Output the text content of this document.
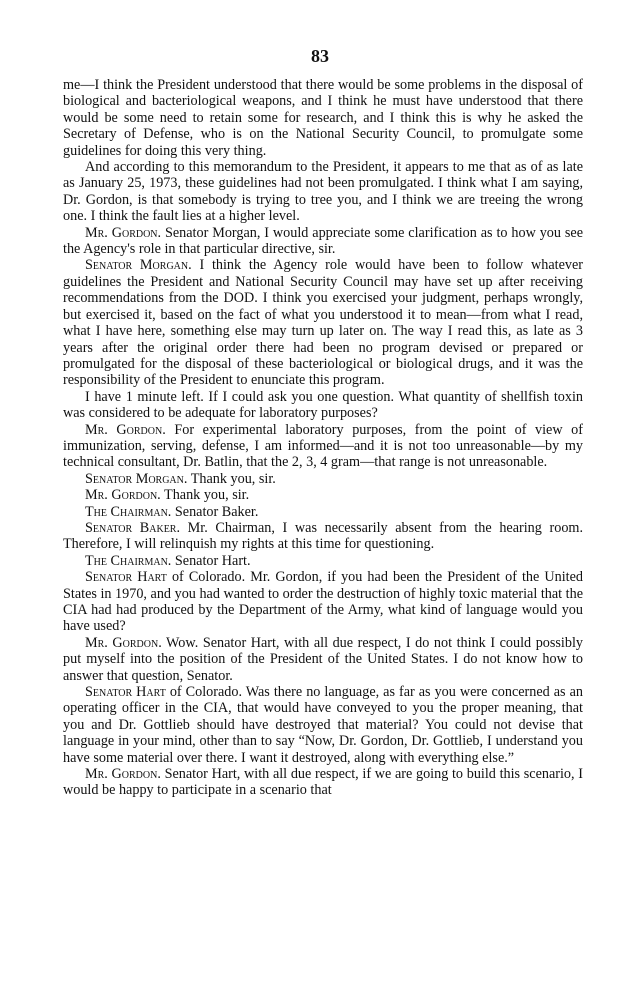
83

me—I think the President understood that there would be some problems in the disposal of biological and bacteriological weapons, and I think he must have understood that there would be some need to retain some for research, and I think this is why he asked the Secretary of Defense, who is on the National Security Council, to promulgate some guidelines for doing this very thing.

And according to this memorandum to the President, it appears to me that as of as late as January 25, 1973, these guidelines had not been promulgated. I think what I am saying, Dr. Gordon, is that somebody is trying to tree you, and I think we are treeing the wrong one. I think the fault lies at a higher level.

Mr. Gordon. Senator Morgan, I would appreciate some clarification as to how you see the Agency's role in that particular directive, sir.

Senator Morgan. I think the Agency role would have been to follow whatever guidelines the President and National Security Council may have set up after receiving recommendations from the DOD. I think you exercised your judgment, perhaps wrongly, but exercised it, based on the fact of what you understood it to mean—from what I read, what I have here, something else may turn up later on. The way I read this, as late as 3 years after the original order there had been no program devised or prepared or promulgated for the disposal of these bacteriological or biological drugs, and it was the responsibility of the President to enunciate this program.

I have 1 minute left. If I could ask you one question. What quantity of shellfish toxin was considered to be adequate for laboratory purposes?

Mr. Gordon. For experimental laboratory purposes, from the point of view of immunization, serving, defense, I am informed—and it is not too unreasonable—by my technical consultant, Dr. Batlin, that the 2, 3, 4 gram—that range is not unreasonable.

Senator Morgan. Thank you, sir.

Mr. Gordon. Thank you, sir.

The Chairman. Senator Baker.

Senator Baker. Mr. Chairman, I was necessarily absent from the hearing room. Therefore, I will relinquish my rights at this time for questioning.

The Chairman. Senator Hart.

Senator Hart of Colorado. Mr. Gordon, if you had been the President of the United States in 1970, and you had wanted to order the destruction of highly toxic material that the CIA had had produced by the Department of the Army, what kind of language would you have used?

Mr. Gordon. Wow. Senator Hart, with all due respect, I do not think I could possibly put myself into the position of the President of the United States. I do not know how to answer that question, Senator.

Senator Hart of Colorado. Was there no language, as far as you were concerned as an operating officer in the CIA, that would have conveyed to you the proper meaning, that you and Dr. Gottlieb should have destroyed that material? You could not devise that language in your mind, other than to say “Now, Dr. Gordon, Dr. Gottlieb, I understand you have some material over there. I want it destroyed, along with everything else.”

Mr. Gordon. Senator Hart, with all due respect, if we are going to build this scenario, I would be happy to participate in a scenario that
